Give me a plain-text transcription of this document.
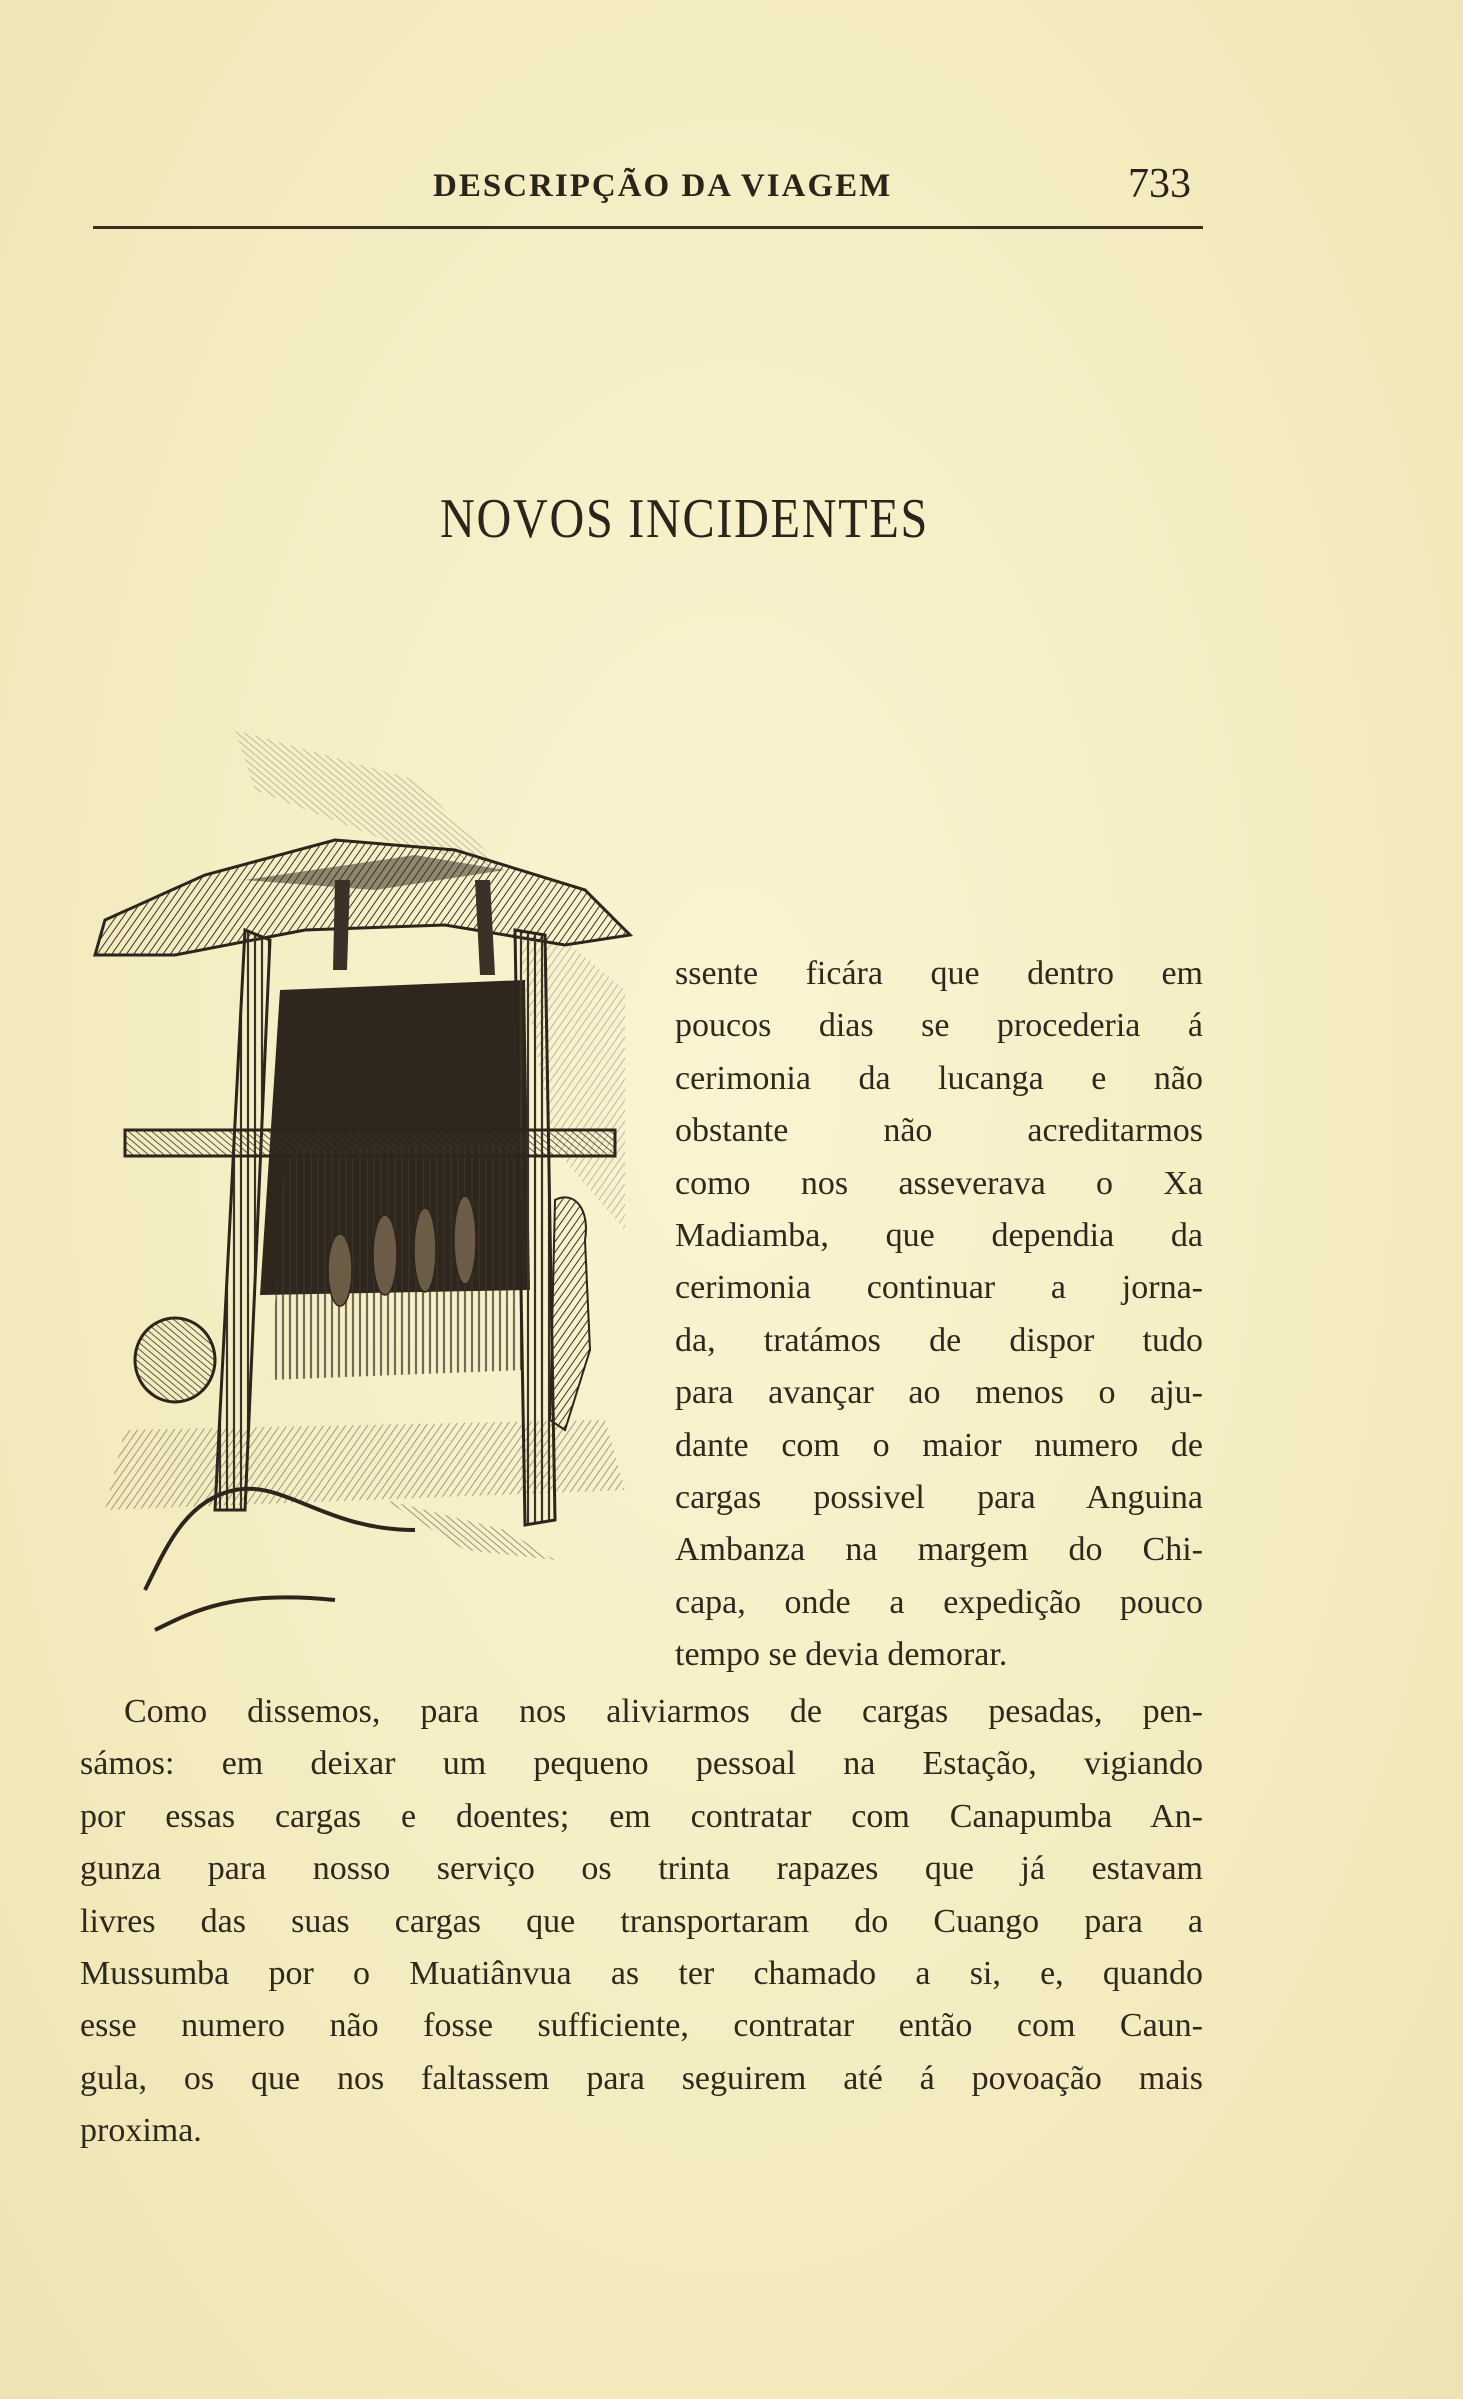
DESCRIPÇÃO DA VIAGEM	733
NOVOS INCIDENTES
ssente ficára que dentro em
poucos dias se procederia á
cerimonia da lucanga e não
obstante não acreditarmos
como nos asseverava o Xa
Madiamba, que dependia da
cerimonia continuar a jorna-
da, tratámos de dispor tudo
para avançar ao menos o aju-
dante com o maior numero de
cargas possivel para Anguina
Ambanza na margem do Chi-
capa, onde a expedição pouco
tempo se devia demorar.
Como dissemos, para nos aliviarmos de cargas pesadas, pen-
sámos: em deixar um pequeno pessoal na Estação, vigiando
por essas cargas e doentes; em contratar com Canapumba An-
gunza para nosso serviço os trinta rapazes que já estavam
livres das suas cargas que transportaram do Cuango para a
Mussumba por o Muatiânvua as ter chamado a si, e, quando
esse numero não fosse sufficiente, contratar então com Caun-
gula, os que nos faltassem para seguirem até á povoação mais
proxima.
